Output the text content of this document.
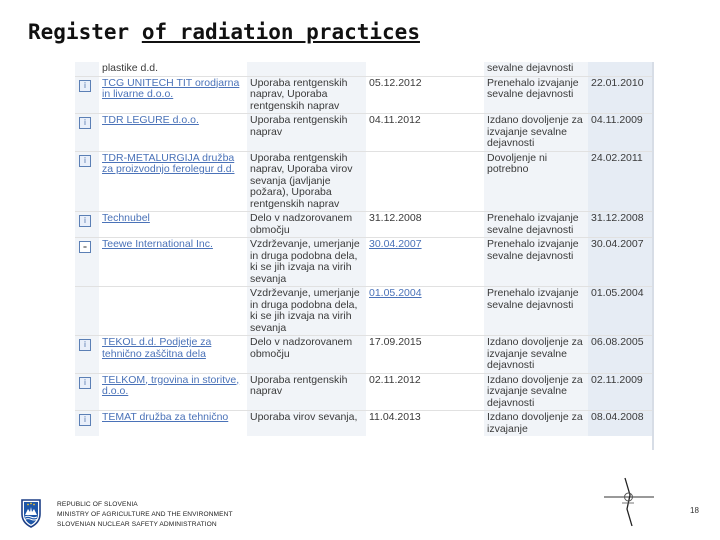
Register of radiation practices
	plastike d.d.			sevalne dejavnosti	
i	TCG UNITECH TIT orodjarna in livarne d.o.o.	Uporaba rentgenskih naprav, Uporaba rentgenskih naprav	05.12.2012	Prenehalo izvajanje sevalne dejavnosti	22.01.2010
i	TDR LEGURE d.o.o.	Uporaba rentgenskih naprav	04.11.2012	Izdano dovoljenje za izvajanje sevalne dejavnosti	04.11.2009
i	TDR-METALURGIJA družba za proizvodnjo ferolegur d.d.	Uporaba rentgenskih naprav, Uporaba virov sevanja (javljanje požara), Uporaba rentgenskih naprav		Dovoljenje ni potrebno	24.02.2011
i	Technubel	Delo v nadzorovanem območju	31.12.2008	Prenehalo izvajanje sevalne dejavnosti	31.12.2008
–	Teewe International Inc.	Vzdrževanje, umerjanje in druga podobna dela, ki se jih izvaja na virih sevanja	30.04.2007	Prenehalo izvajanje sevalne dejavnosti	30.04.2007
		Vzdrževanje, umerjanje in druga podobna dela, ki se jih izvaja na virih sevanja	01.05.2004	Prenehalo izvajanje sevalne dejavnosti	01.05.2004
i	TEKOL d.d. Podjetje za tehnično zaščitna dela	Delo v nadzorovanem območju	17.09.2015	Izdano dovoljenje za izvajanje sevalne dejavnosti	06.08.2005
i	TELKOM, trgovina in storitve, d.o.o.	Uporaba rentgenskih naprav	02.11.2012	Izdano dovoljenje za izvajanje sevalne dejavnosti	02.11.2009
i	TEMAT družba za tehnično	Uporaba virov sevanja,	11.04.2013	Izdano dovoljenje za izvajanje	08.04.2008
REPUBLIC OF SLOVENIA
MINISTRY OF AGRICULTURE AND THE ENVIRONMENT
SLOVENIAN NUCLEAR SAFETY ADMINISTRATION
18
